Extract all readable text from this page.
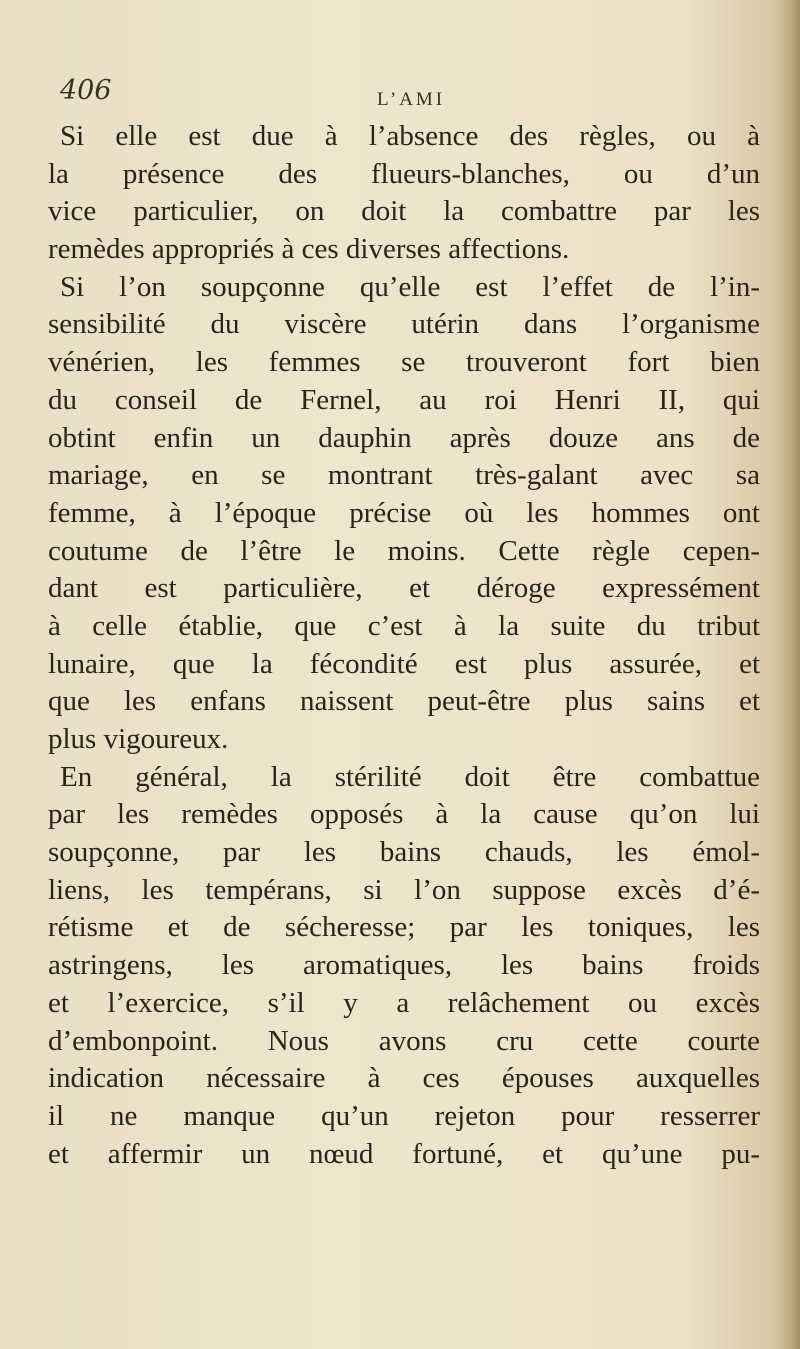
406	L’AMI
Si elle est due à l’absence des règles, ou à
la présence des flueurs-blanches, ou d’un
vice particulier, on doit la combattre par les
remèdes appropriés à ces diverses affections.
Si l’on soupçonne qu’elle est l’effet de l’in-
sensibilité du viscère utérin dans l’organisme
vénérien, les femmes se trouveront fort bien
du conseil de Fernel, au roi Henri II, qui
obtint enfin un dauphin après douze ans de
mariage, en se montrant très-galant avec sa
femme, à l’époque précise où les hommes ont
coutume de l’être le moins. Cette règle cepen-
dant est particulière, et déroge expressément
à celle établie, que c’est à la suite du tribut
lunaire, que la fécondité est plus assurée, et
que les enfans naissent peut-être plus sains et
plus vigoureux.
En général, la stérilité doit être combattue
par les remèdes opposés à la cause qu’on lui
soupçonne, par les bains chauds, les émol-
liens, les tempérans, si l’on suppose excès d’é-
rétisme et de sécheresse; par les toniques, les
astringens, les aromatiques, les bains froids
et l’exercice, s’il y a relâchement ou excès
d’embonpoint. Nous avons cru cette courte
indication nécessaire à ces épouses auxquelles
il ne manque qu’un rejeton pour resserrer
et affermir un nœud fortuné, et qu’une pu-
